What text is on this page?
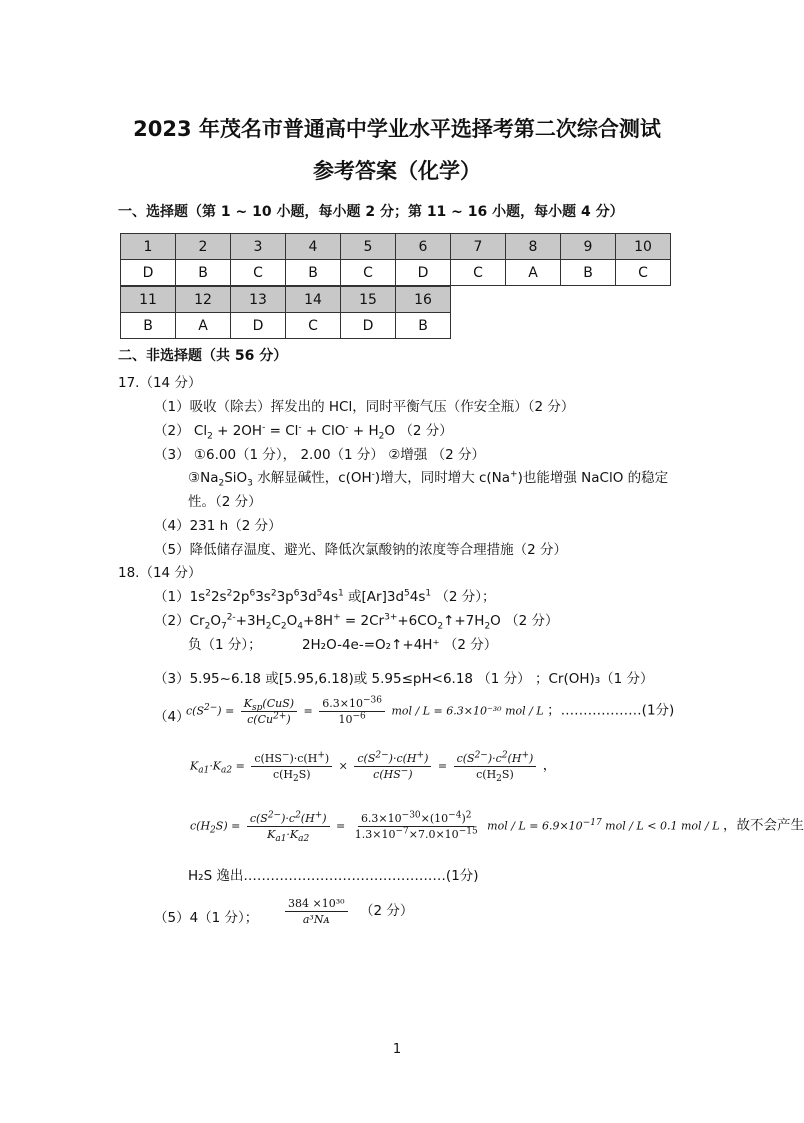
2023 年茂名市普通高中学业水平选择考第二次综合测试
参考答案（化学）
一、选择题（第 1 ~ 10 小题，每小题 2 分；第 11 ~ 16 小题，每小题 4 分）
1	2	3	4	5	6	7	8	9	10
D	B	C	B	C	D	C	A	B	C
11	12	13	14	15	16
B	A	D	C	D	B
二、非选择题（共 56 分）
17.（14 分）
（1）吸收（除去）挥发出的 HCl，同时平衡气压（作安全瓶）（2 分）
（2） $Cl_2 + 2OH^- = Cl^- + ClO^- + H_2O$ （2 分）
（3） ①6.00（1 分）， 2.00（1 分） ②增强 （2 分）
$③Na_2SiO_3$ 水解显碱性，c(OH-)增大，同时增大 c(Na+)也能增强 NaClO 的稳定
性。（2 分）
（4）231 h（2 分）
（5）降低储存温度、避光、降低次氯酸钠的浓度等合理措施（2 分）
18.（14 分）
$(1)1s^22s^22p^63s^23p^63d^54s^1$ 或$[Ar]3d^54s^1$ （2 分）；
$(2)Cr_2O_7^{2-}+3H_2C_2O_4+8H^+$ = $2Cr^{3+}+6CO_2↑+7H_2O$ （2 分）
负（1 分）；	2H₂O-4e-=O₂↑+4H⁺ （2 分）
（3）5.95~6.18 或[5.95,6.18)或 5.95≤pH<6.18 （1 分） ；Cr(OH)₃（1 分）
（4）
$c(S^{2-}) = \frac{K_{sp}(CuS)}{c(Cu^{2+})} = \frac{6.3\times 10^{-36}}{10^{-6}}$ mol / L = 6.3×10⁻³⁰ mol / L ；………………(1分)
$K_{a1}\cdot K_{a2} = \frac{c(HS^-)\cdot c(H^+)}{c(H_2S)} \times \frac{c(S^{2-})\cdot c(H^+)}{c(HS^-)} = \frac{c(S^{2-})\cdot c^2(H^+)}{c(H_2S)}$ ，
$c(H_2S) = \frac{c(S^{2-})\cdot c^2(H^+)}{K_{a1}\cdot K_{a2}} = \frac{6.3\times 10^{-30}\times(10^{-4})^2}{1.3\times 10^{-7}\times 7.0\times 10^{-15}}$ mol / $L = 6.9\times 10^{-17}$ mol / L < 0.1 mol / L ，故不会产生
H₂S 逸出………………………………………(1分)
（5）4（1 分）； $\frac{\text{384 ×10³⁰}}{\text{a³Nᴀ}} (2$ 分）
1
